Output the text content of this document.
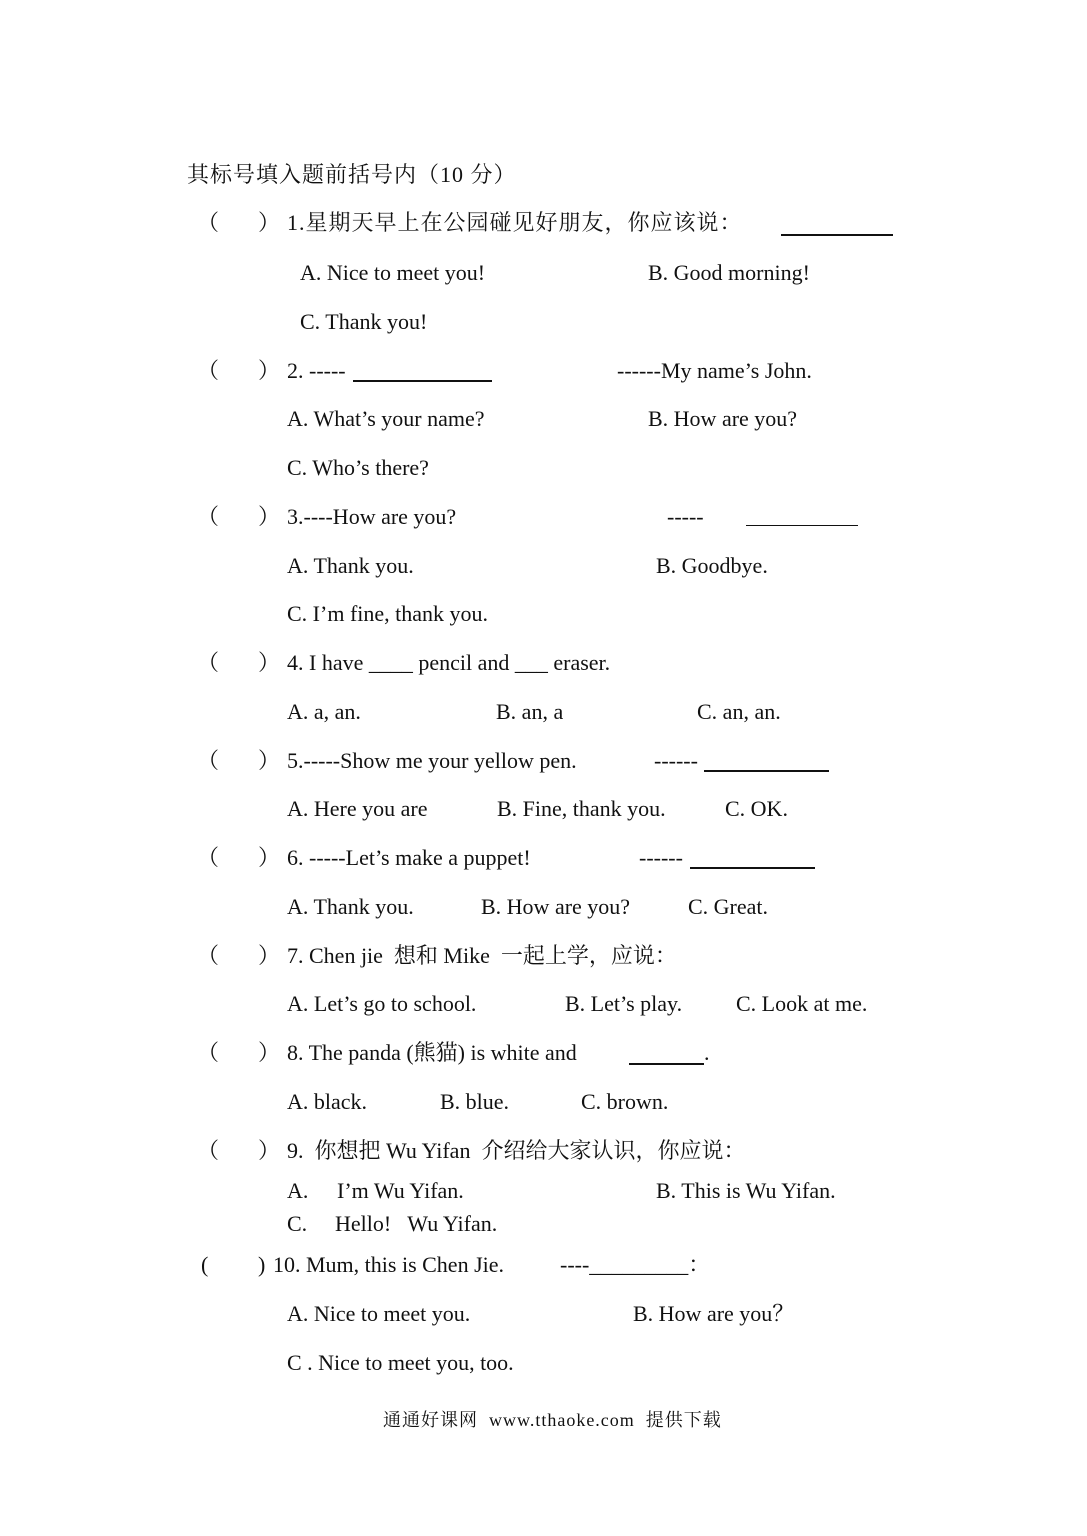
其标号填入题前括号内（10 分）
（ ） 1.星期天早上在公园碰见好朋友，你应该说：
A. Nice to meet you!	B. Good morning!
C. Thank you!
（ ） 2. -----	------My name’s John.
A. What’s your name?	B. How are you?
C. Who’s there?
（ ） 3.----How are you?	-----
A. Thank you.	B. Goodbye.
C. I’m fine, thank you.
（ ） 4. I have ____ pencil and ___ eraser.
A. a, an.	B. an, a	C. an, an.
（ ） 5.-----Show me your yellow pen.	------
A. Here you are	B. Fine, thank you.	C. OK.
（ ） 6. -----Let’s make a puppet!	------
A. Thank you.	B. How are you?	C. Great.
（ ） 7. Chen jie  想和 Mike  一起上学，应说：
A. Let’s go to school.	B. Let’s play. C. Look at me.
（ ） 8. The panda (熊猫) is white and	.
A. black.	B. blue.	C. brown.
（ ） 9.  你想把 Wu Yifan  介绍给大家认识，你应说：
A. I’m Wu Yifan.	B. This is Wu Yifan.
C. Hello!   Wu Yifan.
( ) 10. Mum, this is Chen Jie.	----_________：
A. Nice to meet you.	B. How are you？
C . Nice to meet you, too.
通通好课网  www.tthaoke.com  提供下载
